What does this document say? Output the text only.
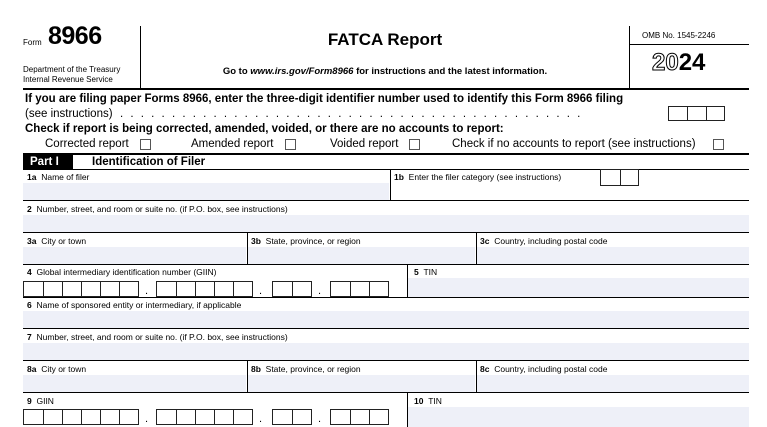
Form 8966
Department of the Treasury
Internal Revenue Service
FATCA Report
Go to www.irs.gov/Form8966 for instructions and the latest information.
OMB No. 1545-2246
2024
If you are filing paper Forms 8966, enter the three-digit identifier number used to identify this Form 8966 filing
(see instructions) . . . . . . . . . . . . . . . . . . . . . . . . . . . . . . . . . . . . . . . . . . . . .
Check if report is being corrected, amended, voided, or there are no accounts to report:
Corrected report	Amended report	Voided report	Check if no accounts to report (see instructions)
Part I	Identification of Filer
1a Name of filer	1b Enter the filer category (see instructions)
2 Number, street, and room or suite no. (if P.O. box, see instructions)
3a City or town	3b State, province, or region	3c Country, including postal code
4 Global intermediary identification number (GIIN)	5 TIN
.	.	.
6 Name of sponsored entity or intermediary, if applicable
7 Number, street, and room or suite no. (if P.O. box, see instructions)
8a City or town	8b State, province, or region	8c Country, including postal code
9 GIIN	10 TIN
.	.	.
